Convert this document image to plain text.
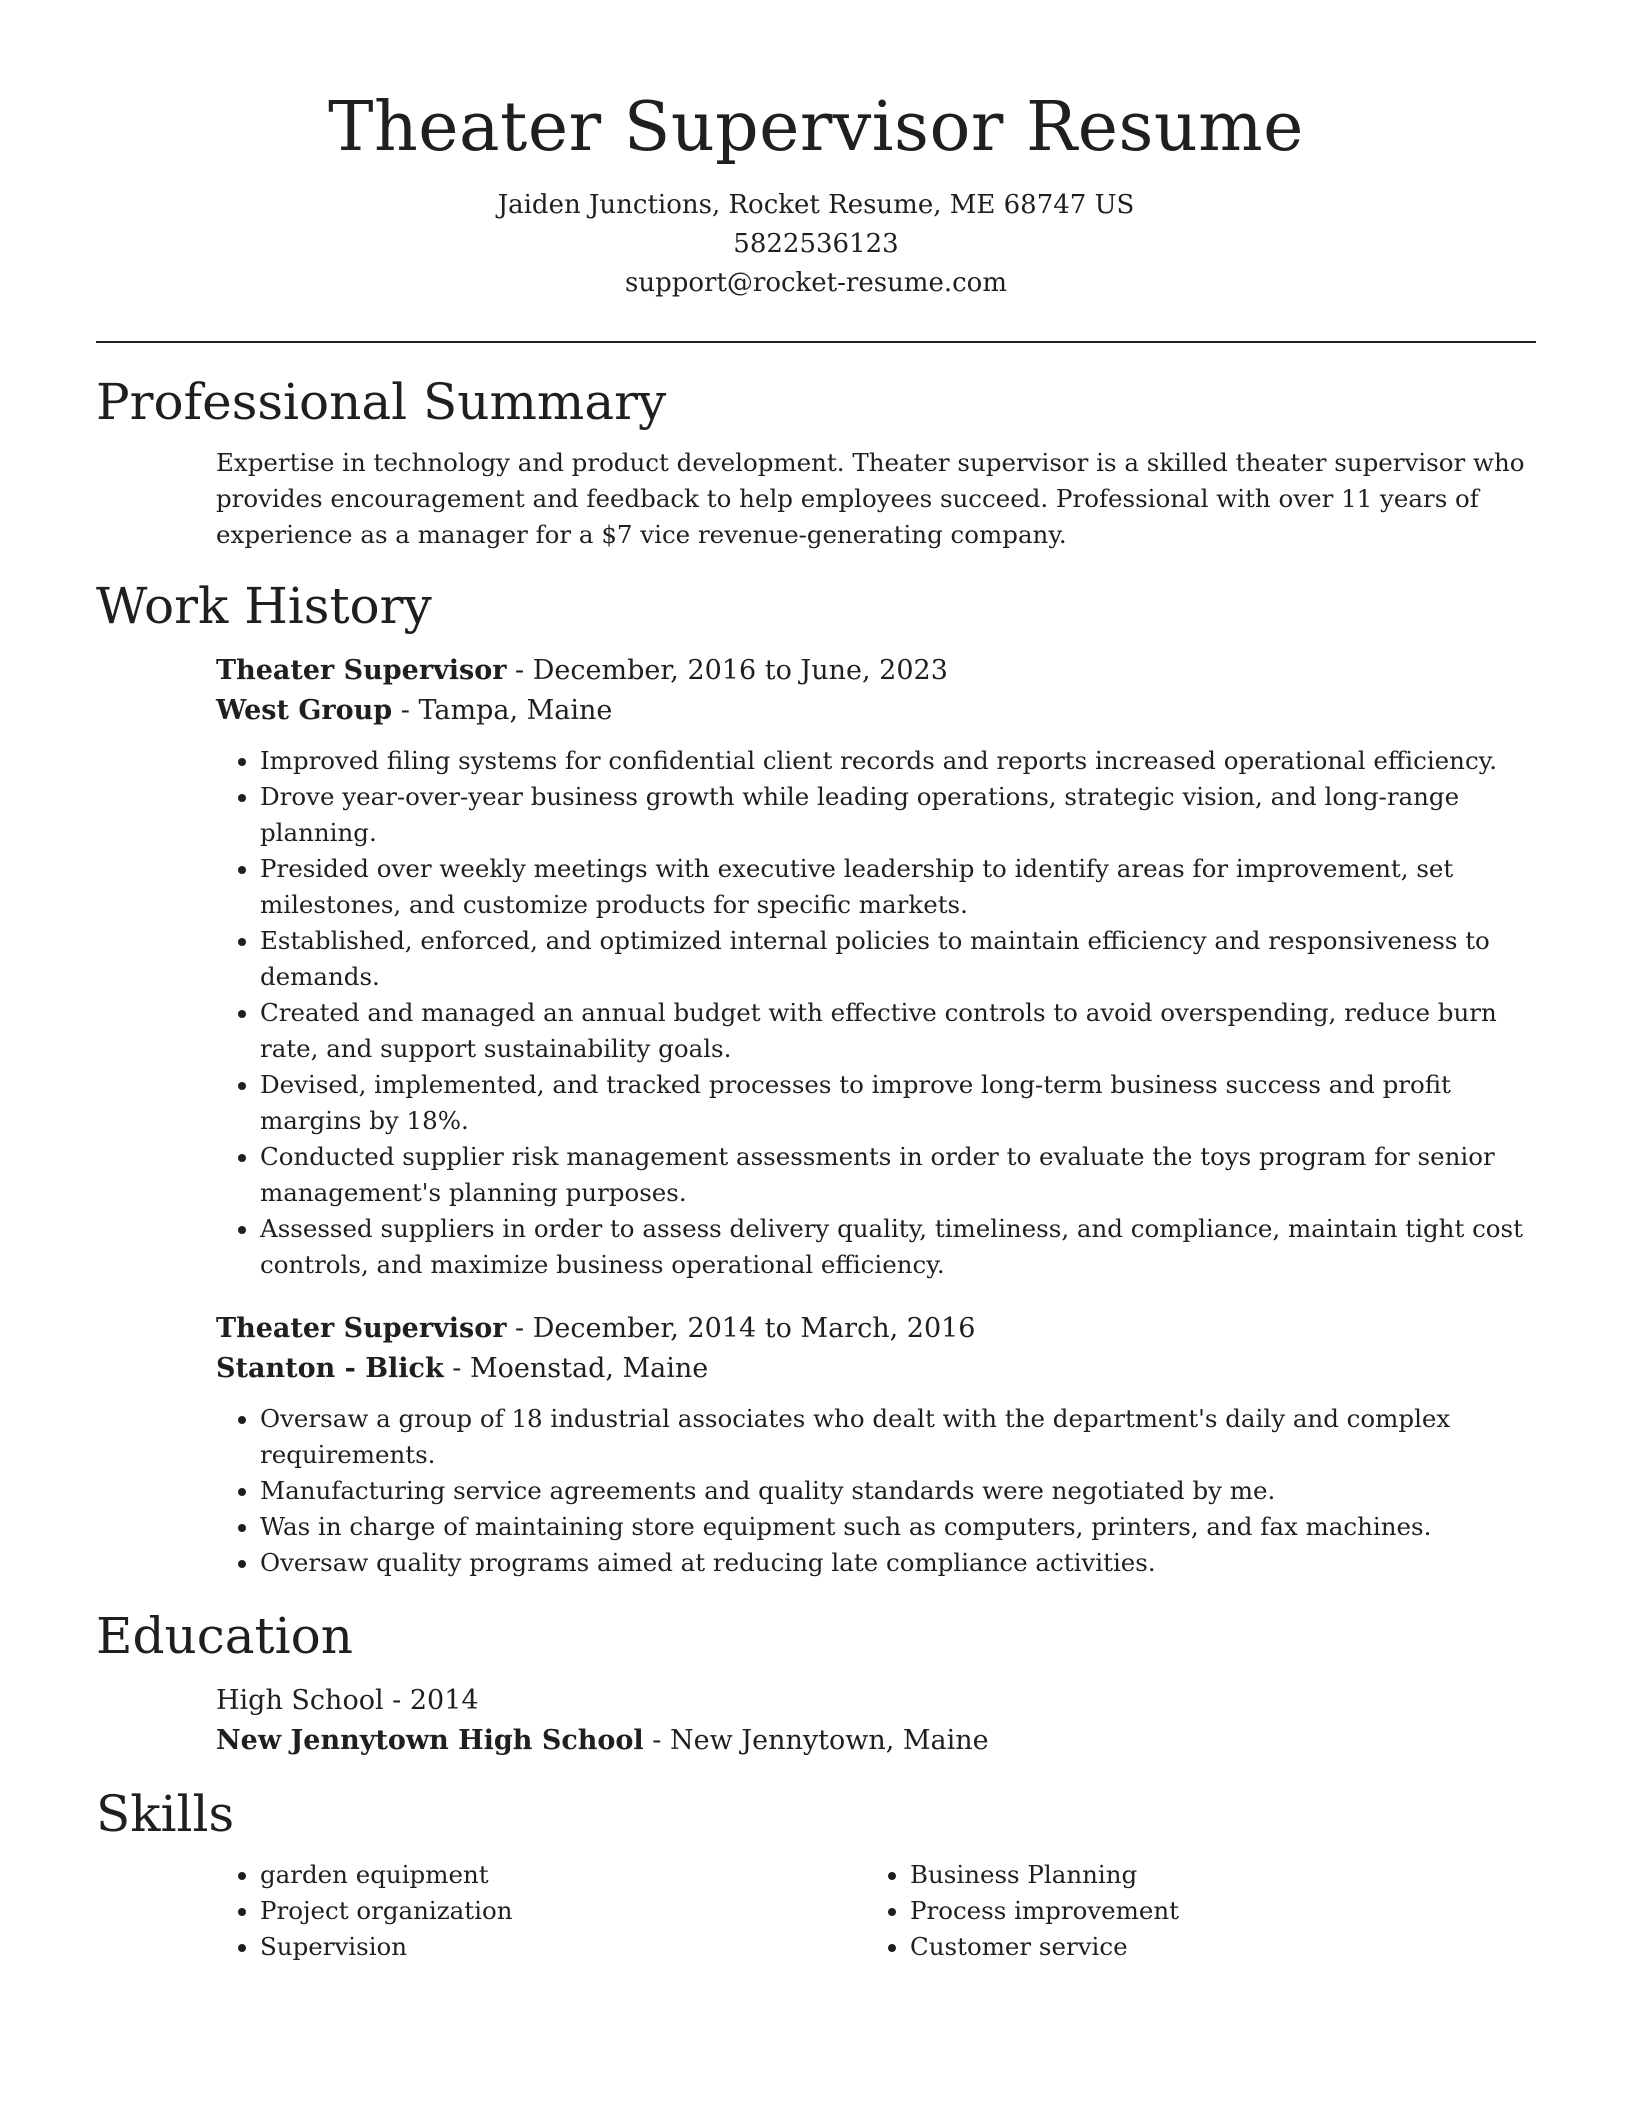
Theater Supervisor Resume
Jaiden Junctions, Rocket Resume, ME 68747 US
5822536123
support@rocket-resume.com
Professional Summary

Expertise in technology and product development. Theater supervisor is a skilled theater supervisor who provides encouragement and feedback to help employees succeed. Professional with over 11 years of experience as a manager for a $7 vice revenue-generating company.

Work History
Theater Supervisor - December, 2016 to June, 2023
West Group - Tampa, Maine
• Improved filing systems for confidential client records and reports increased operational efficiency.
• Drove year-over-year business growth while leading operations, strategic vision, and long-range planning.
• Presided over weekly meetings with executive leadership to identify areas for improvement, set milestones, and customize products for specific markets.
• Established, enforced, and optimized internal policies to maintain efficiency and responsiveness to demands.
• Created and managed an annual budget with effective controls to avoid overspending, reduce burn rate, and support sustainability goals.
• Devised, implemented, and tracked processes to improve long-term business success and profit margins by 18%.
• Conducted supplier risk management assessments in order to evaluate the toys program for senior management's planning purposes.
• Assessed suppliers in order to assess delivery quality, timeliness, and compliance, maintain tight cost controls, and maximize business operational efficiency.
Theater Supervisor - December, 2014 to March, 2016
Stanton - Blick - Moenstad, Maine
• Oversaw a group of 18 industrial associates who dealt with the department's daily and complex requirements.
• Manufacturing service agreements and quality standards were negotiated by me.
• Was in charge of maintaining store equipment such as computers, printers, and fax machines.
• Oversaw quality programs aimed at reducing late compliance activities.
Education
High School - 2014
New Jennytown High School - New Jennytown, Maine
Skills
• garden equipment
• Project organization
• Supervision
• Business Planning
• Process improvement
• Customer service
